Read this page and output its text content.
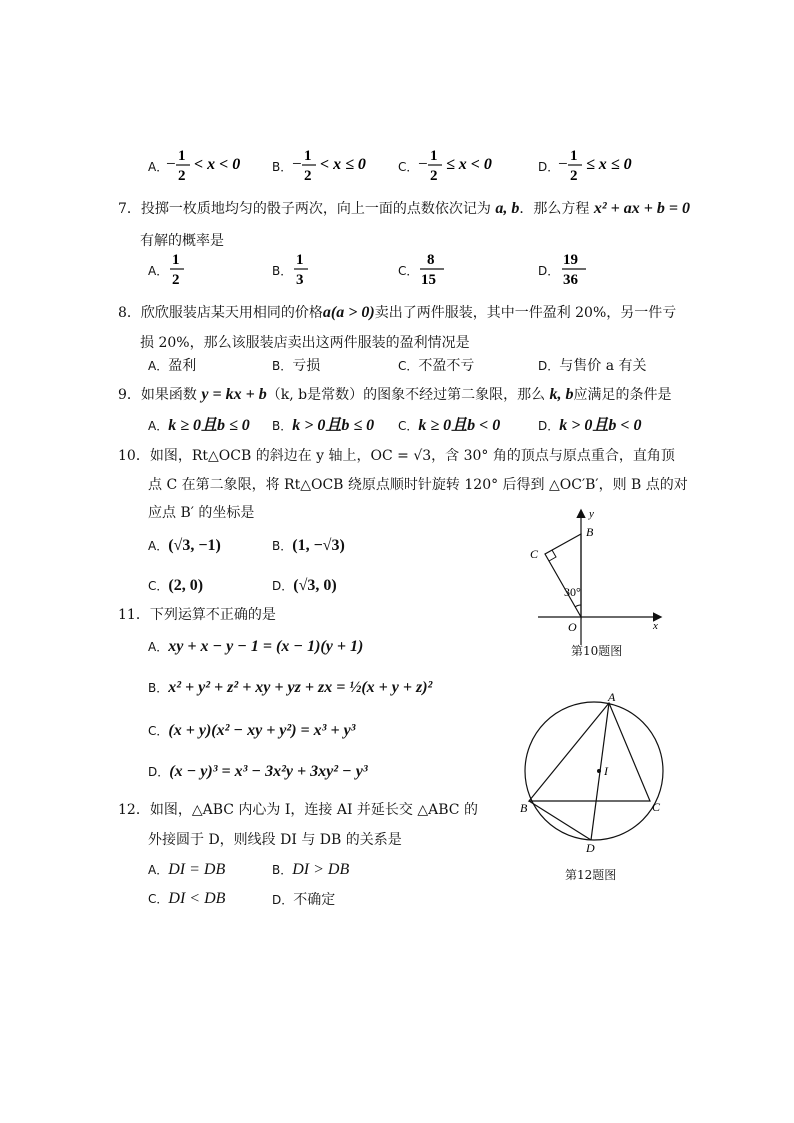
A．
− 1
2
< x < 0	B． − 1
2
< x ≤ 0	C． − 1
2
≤ x < 0	D．
− 1
2
≤ x ≤ 0
7．投掷一枚质地均匀的骰子两次，向上一面的点数依次记为 a, b．那么方程 x² + ax + b = 0
有解的概率是
A．
1
2
B．
1
3
C．
8
15
D．
19
36
8．欣欣服装店某天用相同的价格a(a > 0)卖出了两件服装，其中一件盈利 20%，另一件亏
损 20%，那么该服装店卖出这两件服装的盈利情况是
A．盈利	B．亏损	C．不盈不亏	D．与售价 a 有关
9．如果函数 y = kx + b（k, b是常数）的图象不经过第二象限，那么 k, b应满足的条件是
A．k ≥ 0且b ≤ 0 B．k > 0且b ≤ 0 C．k ≥ 0且b < 0	D．k > 0且b < 0
10．如图，Rt△OCB 的斜边在 y 轴上，OC = √3，含 30° 角的顶点与原点重合，直角顶
点 C 在第二象限，将 Rt△OCB 绕原点顺时针旋转 120° 后得到 △OC′B′，则 B 点的对
应点 B′ 的坐标是
A．(√3, −1)	B．(1, −√3)
C．(2, 0)	D．(√3, 0)
y
B
C
30°
O	x
第10题图
11．下列运算不正确的是
A．xy + x − y − 1 = (x − 1)(y + 1)
B．x² + y² + z² + xy + yz + zx = ½(x + y + z)²
C．(x + y)(x² − xy + y²) = x³ + y³
D．(x − y)³ = x³ − 3x²y + 3xy² − y³
12．如图，△ABC 内心为 I，连接 AI 并延长交 △ABC 的
外接圆于 D，则线段 DI 与 DB 的关系是
A．DI = DB	B．DI > DB
C．DI < DB	D．不确定
A
B	C
D
I
第12题图
